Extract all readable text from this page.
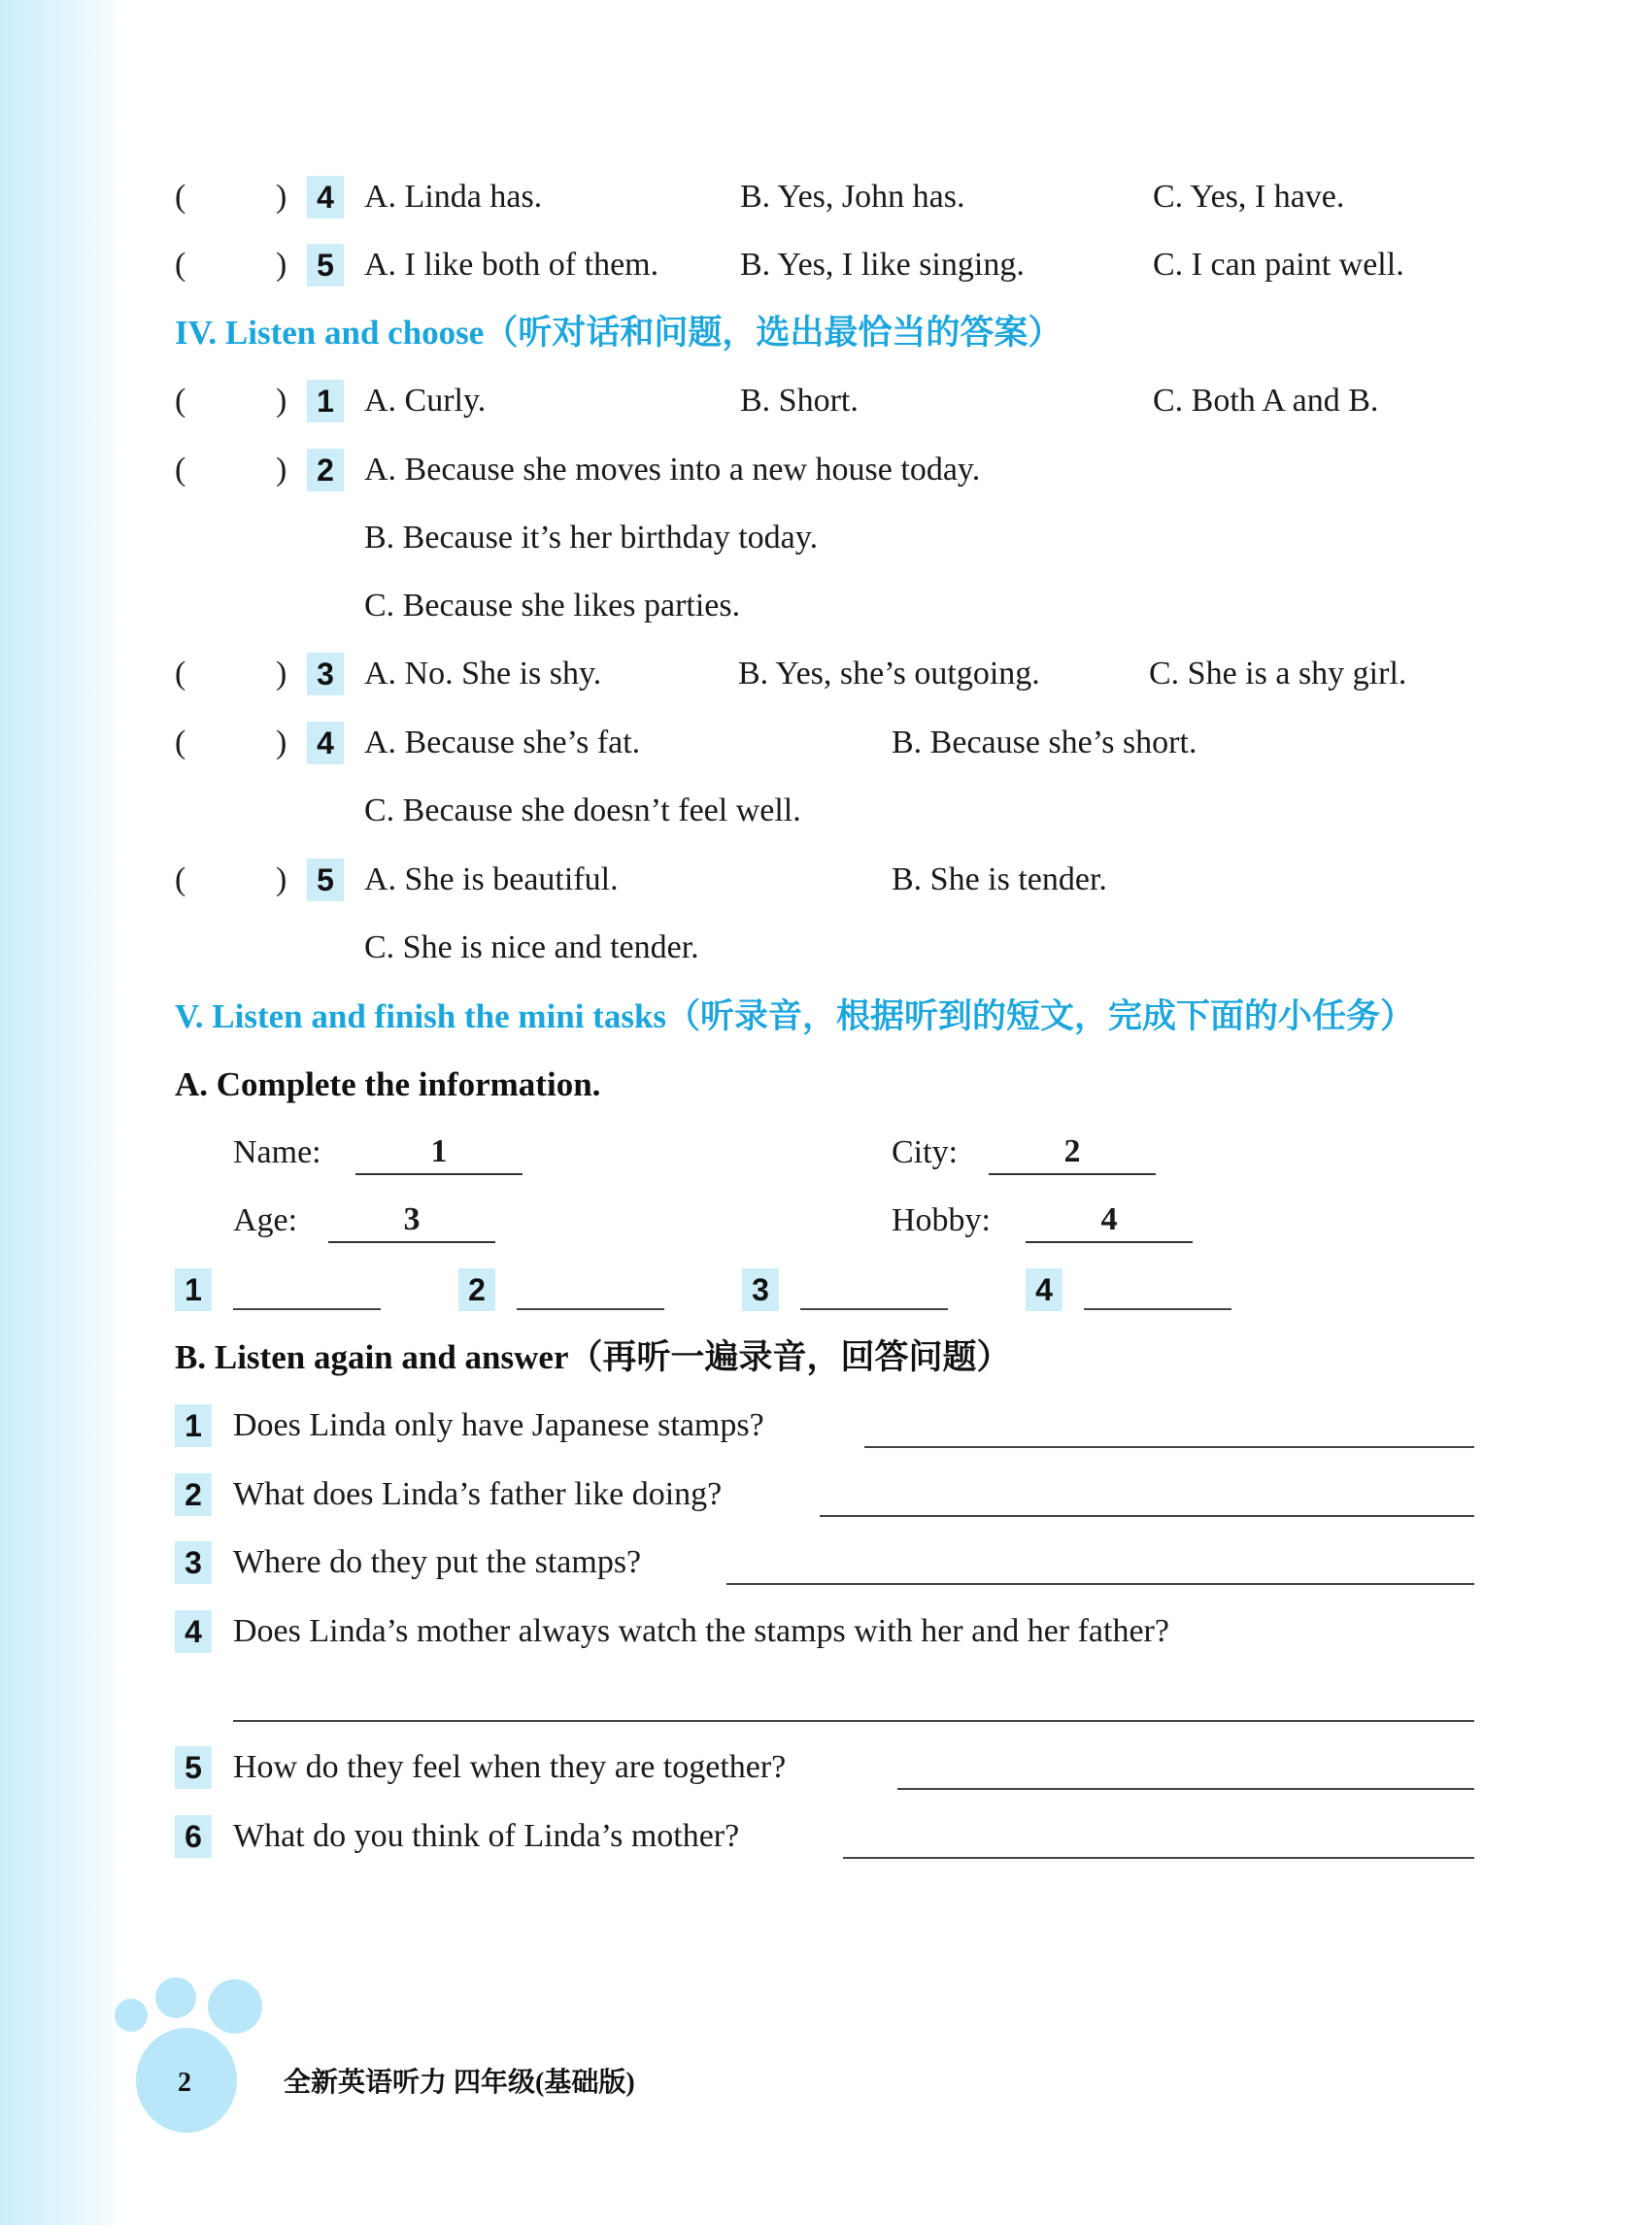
(	) 4 A. Linda has.	B. Yes, John has.	C. Yes, I have.
(	) 5 A. I like both of them. B. Yes, I like singing.	C. I can paint well.
IV. Listen and choose（听对话和问题，选出最恰当的答案）
(	) 1 A. Curly.	B. Short.	C. Both A and B.
(	) 2 A. Because she moves into a new house today.
B. Because it’s her birthday today.
C. Because she likes parties.
(	) 3 A. No. She is shy.	B. Yes, she’s outgoing.	C. She is a shy girl.
(	) 4 A. Because she’s fat.	B. Because she’s short.
C. Because she doesn’t feel well.
(	) 5 A. She is beautiful.	B. She is tender.
C. She is nice and tender.
V. Listen and finish the mini tasks（听录音，根据听到的短文，完成下面的小任务）
A. Complete the information.
Name:	1	City:	2
Age:	3	Hobby:	4
1	2	3	4
B. Listen again and answer（再听一遍录音，回答问题）
1 Does Linda only have Japanese stamps?
2 What does Linda’s father like doing?
3 Where do they put the stamps?
4 Does Linda’s mother always watch the stamps with her and her father?
5 How do they feel when they are together?
6 What do you think of Linda’s mother?
2	全新英语听力 四年级(基础版)
